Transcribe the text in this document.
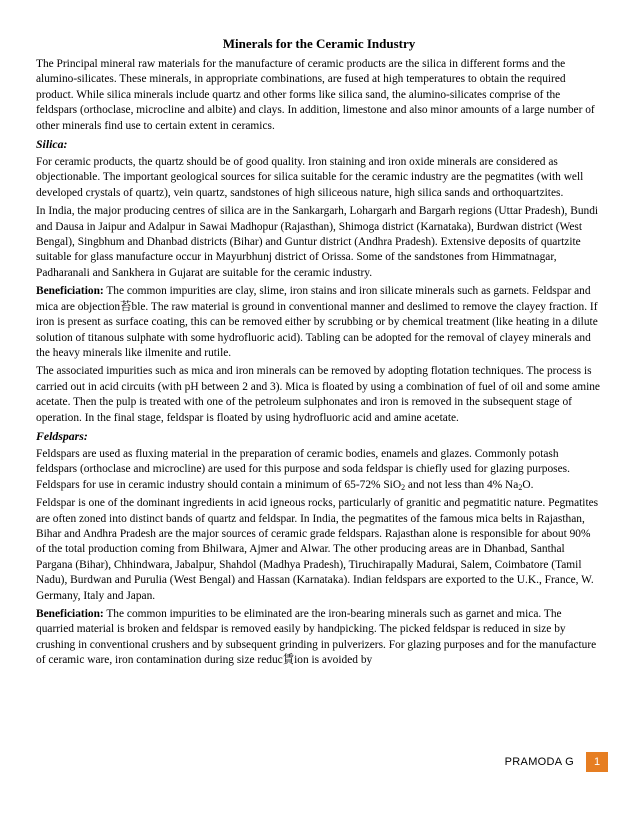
Minerals for the Ceramic Industry

The Principal mineral raw materials for the manufacture of ceramic products are the silica in different forms and the alumino-silicates. These minerals, in appropriate combinations, are fused at high temperatures to obtain the required product. While silica minerals include quartz and other forms like silica sand, the alumino-silicates comprise of the feldspars (orthoclase, microcline and albite) and clays. In addition, limestone and also minor amounts of a large number of other minerals find use to certain extent in ceramics.

Silica:

For ceramic products, the quartz should be of good quality. Iron staining and iron oxide minerals are considered as objectionable. The important geological sources for silica suitable for the ceramic industry are the pegmatites (with well developed crystals of quartz), vein quartz, sandstones of high siliceous nature, high silica sands and orthoquartzites.

In India, the major producing centres of silica are in the Sankargarh, Lohargarh and Bargarh regions (Uttar Pradesh), Bundi and Dausa in Jaipur and Adalpur in Sawai Madhopur (Rajasthan), Shimoga district (Karnataka), Burdwan district (West Bengal), Singbhum and Dhanbad districts (Bihar) and Guntur district (Andhra Pradesh). Extensive deposits of quartzite suitable for glass manufacture occur in Mayurbhunj district of Orissa. Some of the sandstones from Himmatnagar, Padharanali and Sankhera in Gujarat are suitable for the ceramic industry.

Beneficiation: The common impurities are clay, slime, iron stains and iron silicate minerals such as garnets. Feldspar and mica are objection苔ble. The raw material is ground in conventional manner and deslimed to remove the clayey fraction. If iron is present as surface coating, this can be removed either by scrubbing or by chemical treatment (like heating in a dilute solution of titanous sulphate with some hydrofluoric acid). Tabling can be adopted for the removal of clayey minerals and the heavy minerals like ilmenite and rutile.

The associated impurities such as mica and iron minerals can be removed by adopting flotation techniques. The process is carried out in acid circuits (with pH between 2 and 3). Mica is floated by using a combination of fuel of oil and some amine acetate. Then the pulp is treated with one of the petroleum sulphonates and iron is removed in the subsequent stage of operation. In the final stage, feldspar is floated by using hydrofluoric acid and amine acetate.

Feldspars:

Feldspars are used as fluxing material in the preparation of ceramic bodies, enamels and glazes. Commonly potash feldspars (orthoclase and microcline) are used for this purpose and soda feldspar is chiefly used for glazing purposes. Feldspars for use in ceramic industry should contain a minimum of 65-72% SiO$_2$ and not less than 4% $Na_2O$.

Feldspar is one of the dominant ingredients in acid igneous rocks, particularly of granitic and pegmatitic nature. Pegmatites are often zoned into distinct bands of quartz and feldspar. In India, the pegmatites of the famous mica belts in Rajasthan, Bihar and Andhra Pradesh are the major sources of ceramic grade feldspars. Rajasthan alone is responsible for about 90% of the total production coming from Bhilwara, Ajmer and Alwar. The other producing areas are in Dhanbad, Santhal Pargana (Bihar), Chhindwara, Jabalpur, Shahdol (Madhya Pradesh), Tiruchirapally Madurai, Salem, Coimbatore (Tamil Nadu), Burdwan and Purulia (West Bengal) and Hassan (Karnataka). Indian feldspars are exported to the U.K., France, W. Germany, Italy and Japan.

Beneficiation: The common impurities to be eliminated are the iron-bearing minerals such as garnet and mica. The quarried material is broken and feldspar is removed easily by handpicking. The picked feldspar is reduced in size by crushing in conventional crushers and by subsequent grinding in pulverizers. For glazing purposes and for the manufacture of ceramic ware, iron contamination during size reduc賃ion is avoided by

PRAMODA G	1
